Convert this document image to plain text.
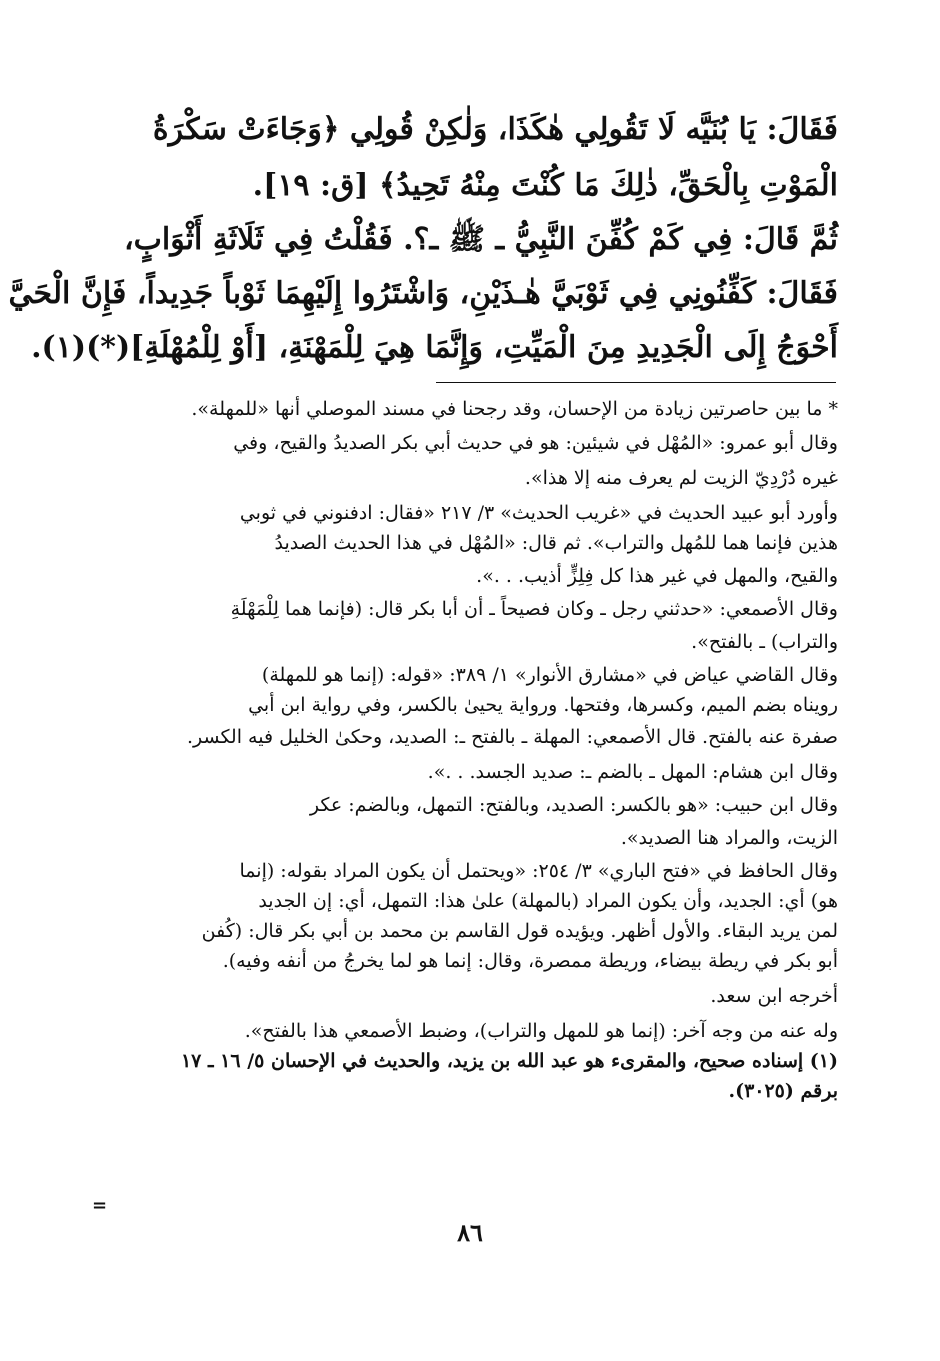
فَقَالَ: يَا بُنَيَّه لَا تَقُولِي هٰكَذَا، وَلٰكِنْ قُولِي ﴿وَجَاءَتْ سَكْرَةُ
الْمَوْتِ بِالْحَقِّ، ذٰلِكَ مَا كُنْتَ مِنْهُ تَحِيدُ﴾ [ق: ١٩].
ثُمَّ قَالَ: فِي كَمْ كُفِّنَ النَّبِيُّ ـ ﷺ ـ؟. فَقُلْتُ فِي ثَلَاثَةِ أَثْوَابٍ،
فَقَالَ: كَفِّنُونِي فِي ثَوْبَيَّ هٰـذَيْنِ، وَاشْتَرُوا إِلَيْهِمَا ثَوْباً جَدِيداً، فَإِنَّ الْحَيَّ
أَحْوَجُ إِلَى الْجَدِيدِ مِنَ الْمَيِّتِ، وَإِنَّمَا هِيَ لِلْمَهْنَةِ، [أَوْ لِلْمُهْلَةِ](*)(١).
* ما بين حاصرتين زيادة من الإحسان، وقد رجحنا في مسند الموصلي أنها «للمهلة».
وقال أبو عمرو: «المُهْل في شيئين: هو في حديث أبي بكر الصديدُ والقيح، وفي
غيره دُرْدِيّ الزيت لم يعرف منه إلا هذا».
وأورد أبو عبيد الحديث في «غريب الحديث» ٣/ ٢١٧ «فقال: ادفنوني في ثوبي
هذين فإنما هما للمُهل والتراب». ثم قال: «المُهْل في هذا الحديث الصديدُ
والقيح، والمهل في غير هذا كل فِلِزٍّ أذيب. . .».
وقال الأصمعي: «حدثني رجل ـ وكان فصيحاً ـ أن أبا بكر قال: (فإنما هما لِلْمَهْلَةِ
والتراب) ـ بالفتح».
وقال القاضي عياض في «مشارق الأنوار» ١/ ٣٨٩: «قوله: (إنما هو للمهلة)
رويناه بضم الميم، وكسرها، وفتحها. ورواية يحيىٰ بالكسر، وفي رواية ابن أبي
صفرة عنه بالفتح. قال الأصمعي: المهلة ـ بالفتح ـ: الصديد، وحكىٰ الخليل فيه الكسر.
وقال ابن هشام: المهل ـ بالضم ـ: صديد الجسد. . .».
وقال ابن حبيب: «هو بالكسر: الصديد، وبالفتح: التمهل، وبالضم: عكر
الزيت، والمراد هنا الصديد».
وقال الحافظ في «فتح الباري» ٣/ ٢٥٤: «ويحتمل أن يكون المراد بقوله: (إنما
هو) أي: الجديد، وأن يكون المراد (بالمهلة) علىٰ هذا: التمهل، أي: إن الجديد
لمن يريد البقاء. والأول أظهر. ويؤيده قول القاسم بن محمد بن أبي بكر قال: (كُفن
أبو بكر في ريطة بيضاء، وريطة ممصرة، وقال: إنما هو لما يخرجُ من أنفه وفيه).
أخرجه ابن سعد.
وله عنه من وجه آخر: (إنما هو للمهل والتراب)، وضبط الأصمعي هذا بالفتح».
(١) إسناده صحيح، والمقرىء هو عبد الله بن يزيد، والحديث في الإحسان ٥/ ١٦ ـ ١٧
برقم (٣٠٢٥).
=
٨٦
